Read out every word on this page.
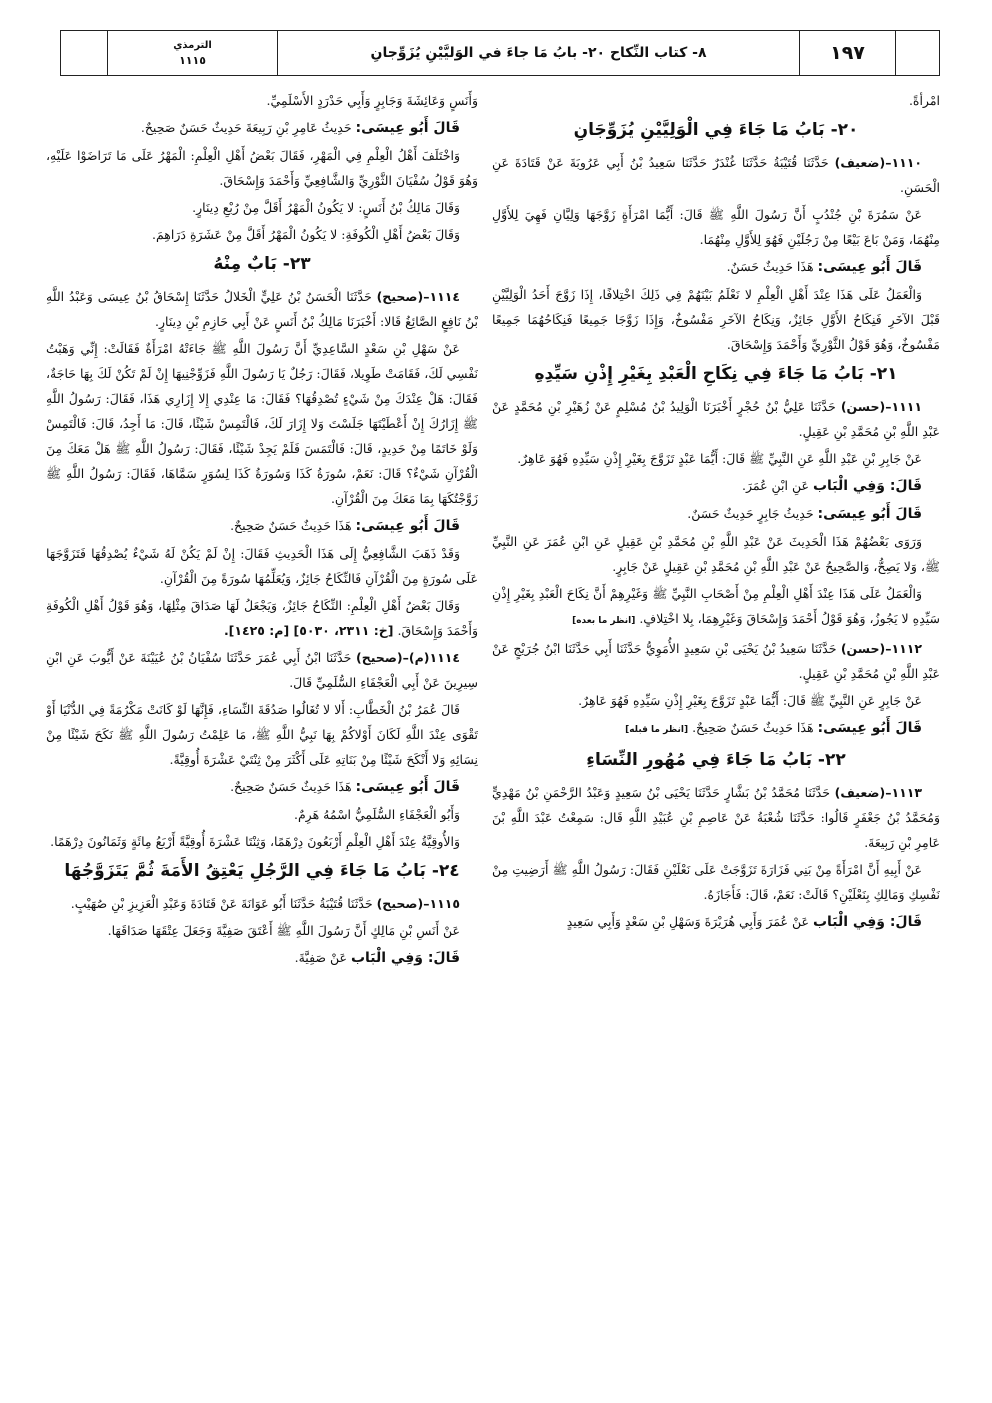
الترمذي
١١١٥	٨- كتاب النِّكاح ٢٠- بابُ مَا جاءَ في الوَليَّيْنِ يُزَوِّجانِ	١٩٧

امْرأةً.

٢٠- بَابُ مَا جَاءَ فِي الْوَلِيَّيْنِ يُزَوِّجَانِ

١١١٠–(ضعيف) حَدَّثَنَا قُتَيْبَةُ حَدَّثَنَا غُنْدَرٌ حَدَّثَنَا سَعِيدُ بْنُ أَبِي عَرُوبَةَ عَنْ قَتَادَةَ عَنِ الْحَسَنِ.

عَنْ سَمُرَةَ بْنِ جُنْدُبٍ أَنَّ رَسُولَ اللَّهِ ﷺ قَالَ: أَيُّمَا امْرَأَةٍ زَوَّجَهَا وَلِيَّانِ فَهِيَ لِلأَوَّلِ مِنْهُمَا، وَمَنْ بَاعَ بَيْعًا مِنْ رَجُلَيْنِ فَهُوَ لِلأَوَّلِ مِنْهُمَا.

قَالَ أَبُو عِيسَى: هَذَا حَدِيثٌ حَسَنٌ.

وَالْعَمَلُ عَلَى هَذَا عِنْدَ أَهْلِ الْعِلْمِ لا نَعْلَمُ بَيْنَهُمْ فِي ذَلِكَ اخْتِلافًا، إِذَا زَوَّجَ أَحَدُ الْوَلِيَّيْنِ قَبْلَ الآخَرِ فَنِكَاحُ الأَوَّلِ جَائِزٌ، وَنِكَاحُ الآخَرِ مَفْسُوخٌ، وَإِذَا زَوَّجَا جَمِيعًا فَنِكَاحُهُمَا جَمِيعًا مَفْسُوخٌ، وَهُوَ قَوْلُ الثَّوْرِيِّ وَأَحْمَدَ وَإِسْحَاقَ.

٢١- بَابُ مَا جَاءَ فِي نِكَاحِ الْعَبْدِ بِغَيْرِ إِذْنِ سَيِّدِهِ

١١١١–(حسن) حَدَّثَنَا عَلِيُّ بْنُ حُجْرٍ أَخْبَرَنَا الْوَلِيدُ بْنُ مُسْلِمٍ عَنْ زُهَيْرِ بْنِ مُحَمَّدٍ عَنْ عَبْدِ اللَّهِ بْنِ مُحَمَّدِ بْنِ عَقِيلٍ.

عَنْ جَابِرِ بْنِ عَبْدِ اللَّهِ عَنِ النَّبِيِّ ﷺ قَالَ: أَيُّمَا عَبْدٍ تَزَوَّجَ بِغَيْرِ إِذْنِ سَيِّدِهِ فَهُوَ عَاهِرٌ.

قَالَ: وَفِي الْبَاب عَنِ ابْنِ عُمَرَ.

قَالَ أَبُو عِيسَى: حَدِيثُ جَابِرٍ حَدِيثٌ حَسَنٌ.

وَرَوَى بَعْضُهُمْ هَذَا الْحَدِيثَ عَنْ عَبْدِ اللَّهِ بْنِ مُحَمَّدِ بْنِ عَقِيلٍ عَنِ ابْنِ عُمَرَ عَنِ النَّبِيِّ ﷺ، وَلا يَصِحُّ، وَالصَّحِيحُ عَنْ عَبْدِ اللَّهِ بْنِ مُحَمَّدِ بْنِ عَقِيلٍ عَنْ جَابِرٍ.

وَالْعَمَلُ عَلَى هَذَا عِنْدَ أَهْلِ الْعِلْمِ مِنْ أَصْحَابِ النَّبِيِّ ﷺ وَغَيْرِهِمْ أَنَّ نِكَاحَ الْعَبْدِ بِغَيْرِ إِذْنِ سَيِّدِهِ لا يَجُوزُ، وَهُوَ قَوْلُ أَحْمَدَ وَإِسْحَاقَ وَغَيْرِهِمَا، بِلا اخْتِلافٍ. [انظر ما بعده]

١١١٢–(حسن) حَدَّثَنَا سَعِيدُ بْنُ يَحْيَى بْنِ سَعِيدٍ الأُمَوِيُّ حَدَّثَنَا أَبِي حَدَّثَنَا ابْنُ جُرَيْجٍ عَنْ عَبْدِ اللَّهِ بْنِ مُحَمَّدِ بْنِ عَقِيلٍ.

عَنْ جَابِرٍ عَنِ النَّبِيِّ ﷺ قَالَ: أَيُّمَا عَبْدٍ تَزَوَّجَ بِغَيْرِ إِذْنِ سَيِّدِهِ فَهُوَ عَاهِرٌ.

قَالَ أَبُو عِيسَى: هَذَا حَدِيثٌ حَسَنٌ صَحِيحٌ. [انظر ما قبله]

٢٢- بَابُ مَا جَاءَ فِي مُهُورِ النِّسَاءِ

١١١٣–(ضعيف) حَدَّثَنَا مُحَمَّدُ بْنُ بَشَّارٍ حَدَّثَنَا يَحْيَى بْنُ سَعِيدٍ وَعَبْدُ الرَّحْمَنِ بْنُ مَهْدِيٍّ وَمُحَمَّدُ بْنُ جَعْفَرٍ قَالُوا: حَدَّثَنَا شُعْبَةُ عَنْ عَاصِمِ بْنِ عُبَيْدِ اللَّهِ قَال: سَمِعْتُ عَبْدَ اللَّهِ بْنَ عَامِرِ بْنِ رَبِيعَةَ.

عَنْ أَبِيهِ أَنَّ امْرَأَةً مِنْ بَنِي فَزَارَةَ تَزَوَّجَتْ عَلَى نَعْلَيْنِ فَقَالَ: رَسُولُ اللَّهِ ﷺ أَرَضِيتِ مِنْ نَفْسِكِ وَمَالِكِ بِنَعْلَيْنِ؟ قَالَتْ: نَعَمْ، قَالَ: فَأَجَازَهُ.

قَالَ: وَفِي الْبَاب عَنْ عُمَرَ وَأَبِي هُرَيْرَةَ وَسَهْلِ بْنِ سَعْدٍ وَأَبِي سَعِيدٍ

وَأَنَسٍ وَعَائِشَةَ وَجَابِرٍ وَأَبِي حَدْرَدٍ الأَسْلَمِيِّ.

قَالَ أَبُو عِيسَى: حَدِيثُ عَامِرِ بْنِ رَبِيعَةَ حَدِيثٌ حَسَنٌ صَحِيحٌ.

وَاخْتَلَفَ أَهْلُ الْعِلْمِ فِي الْمَهْرِ، فَقَالَ بَعْضُ أَهْلِ الْعِلْمِ: الْمَهْرُ عَلَى مَا تَرَاضَوْا عَلَيْهِ، وَهُوَ قَوْلُ سُفْيَانَ الثَّوْرِيِّ وَالشَّافِعِيِّ وَأَحْمَدَ وَإِسْحَاقَ.

وَقَالَ مَالِكُ بْنُ أَنَسٍ: لا يَكُونُ الْمَهْرُ أَقَلَّ مِنْ رُبْعِ دِينَارٍ.

وَقَالَ بَعْضُ أَهْلِ الْكُوفَةِ: لا يَكُونُ الْمَهْرُ أَقَلَّ مِنْ عَشَرَةِ دَرَاهِمَ.

٢٣- بَابٌ مِنْهُ

١١١٤–(صحيح) حَدَّثَنَا الْحَسَنُ بْنُ عَلِيٍّ الْخَلالُ حَدَّثَنَا إِسْحَاقُ بْنُ عِيسَى وَعَبْدُ اللَّهِ بْنُ نَافِعٍ الصَّائِغُ قَالا: أَخْبَرَنَا مَالِكُ بْنُ أَنَسٍ عَنْ أَبِي حَازِمِ بْنِ دِينَارٍ.

عَنْ سَهْلِ بْنِ سَعْدٍ السَّاعِدِيِّ أَنَّ رَسُولَ اللَّهِ ﷺ جَاءَتْهُ امْرَأَةٌ فَقَالَتْ: إِنِّي وَهَبْتُ نَفْسِي لَكَ، فَقَامَتْ طَوِيلا، فَقَالَ: رَجُلٌ يَا رَسُولَ اللَّهِ فَزَوِّجْنِيهَا إِنْ لَمْ تَكُنْ لَكَ بِهَا حَاجَةٌ، فَقَالَ: هَلْ عِنْدَكَ مِنْ شَيْءٍ تُصْدِقُهَا؟ فَقَالَ: مَا عِنْدِي إِلا إِزَارِي هَذَا، فَقَالَ: رَسُولُ اللَّهِ ﷺ إِزَارُكَ إِنْ أَعْطَيْتَهَا جَلَسْتَ وَلا إِزَارَ لَكَ، فَالْتَمِسْ شَيْئًا، قَالَ: مَا أَجِدُ، قَالَ: فَالْتَمِسْ وَلَوْ خَاتَمًا مِنْ حَدِيدٍ، قَالَ: فَالْتَمَسَ فَلَمْ يَجِدْ شَيْئًا، فَقَالَ: رَسُولُ اللَّهِ ﷺ هَلْ مَعَكَ مِنَ الْقُرْآنِ شَيْءٌ؟ قَالَ: نَعَمْ، سُورَةُ كَذَا وَسُورَةُ كَذَا لِسُوَرٍ سَمَّاهَا، فَقَالَ: رَسُولُ اللَّهِ ﷺ زَوَّجْتُكَهَا بِمَا مَعَكَ مِنَ الْقُرْآنِ.

قَالَ أَبُو عِيسَى: هَذَا حَدِيثٌ حَسَنٌ صَحِيحٌ.

وَقَدْ ذَهَبَ الشَّافِعِيُّ إِلَى هَذَا الْحَدِيثِ فَقَالَ: إِنْ لَمْ يَكُنْ لَهُ شَيْءٌ يُصْدِقُهَا فَتَزَوَّجَهَا عَلَى سُورَةٍ مِنَ الْقُرْآنِ فَالنِّكَاحُ جَائِزٌ، وَيُعَلِّمُهَا سُورَةً مِنَ الْقُرْآنِ.

وَقَالَ بَعْضُ أَهْلِ الْعِلْمِ: النِّكَاحُ جَائِزٌ، وَيَجْعَلُ لَهَا صَدَاقَ مِثْلِهَا، وَهُوَ قَوْلُ أَهْلِ الْكُوفَةِ وَأَحْمَدَ وَإِسْحَاقَ. [خ: ٢٣١١، ٥٠٣٠] [م: ١٤٢٥].

١١١٤(م)–(صحيح) حَدَّثَنَا ابْنُ أَبِي عُمَرَ حَدَّثَنَا سُفْيَانُ بْنُ عُيَيْنَةَ عَنْ أَيُّوبَ عَنِ ابْنِ سِيرِينَ عَنْ أَبِي الْعَجْفَاءِ السُّلَمِيِّ قَالَ.

قَالَ عُمَرُ بْنُ الْخَطَّابِ: أَلا لا تُغَالُوا صَدُقَةَ النِّسَاءِ، فَإِنَّهَا لَوْ كَانَتْ مَكْرُمَةً فِي الدُّنْيَا أَوْ تَقْوَى عِنْدَ اللَّهِ لَكَانَ أَوْلاكُمْ بِهَا نَبِيُّ اللَّهِ ﷺ، مَا عَلِمْتُ رَسُولَ اللَّهِ ﷺ نَكَحَ شَيْئًا مِنْ نِسَائِهِ وَلا أَنْكَحَ شَيْئًا مِنْ بَنَاتِهِ عَلَى أَكْثَرَ مِنْ ثِنْتَيْ عَشْرَةَ أُوقِيَّةً.

قَالَ أَبُو عِيسَى: هَذَا حَدِيثٌ حَسَنٌ صَحِيحٌ.

وَأَبُو الْعَجْفَاءِ السُّلَمِيُّ اسْمُهُ هَرِمٌ.

وَالأُوقِيَّةُ عِنْدَ أَهْلِ الْعِلْمِ أَرْبَعُونَ دِرْهَمًا، وَثِنْتَا عَشْرَةَ أُوقِيَّةً أَرْبَعُ مِائَةٍ وَثَمَانُونَ دِرْهَمًا.

٢٤- بَابُ مَا جَاءَ فِي الرَّجُلِ يَعْتِقُ الأَمَةَ ثُمَّ يَتَزَوَّجُهَا

١١١٥–(صحيح) حَدَّثَنَا قُتَيْبَةُ حَدَّثَنَا أَبُو عَوَانَةَ عَنْ قَتَادَةَ وَعَبْدِ الْعَزِيزِ بْنِ صُهَيْبٍ.

عَنْ أَنَسِ بْنِ مَالِكٍ أَنَّ رَسُولَ اللَّهِ ﷺ أَعْتَقَ صَفِيَّةَ وَجَعَلَ عِتْقَهَا صَدَاقَهَا.

قَالَ: وَفِي الْبَاب عَنْ صَفِيَّةَ.
